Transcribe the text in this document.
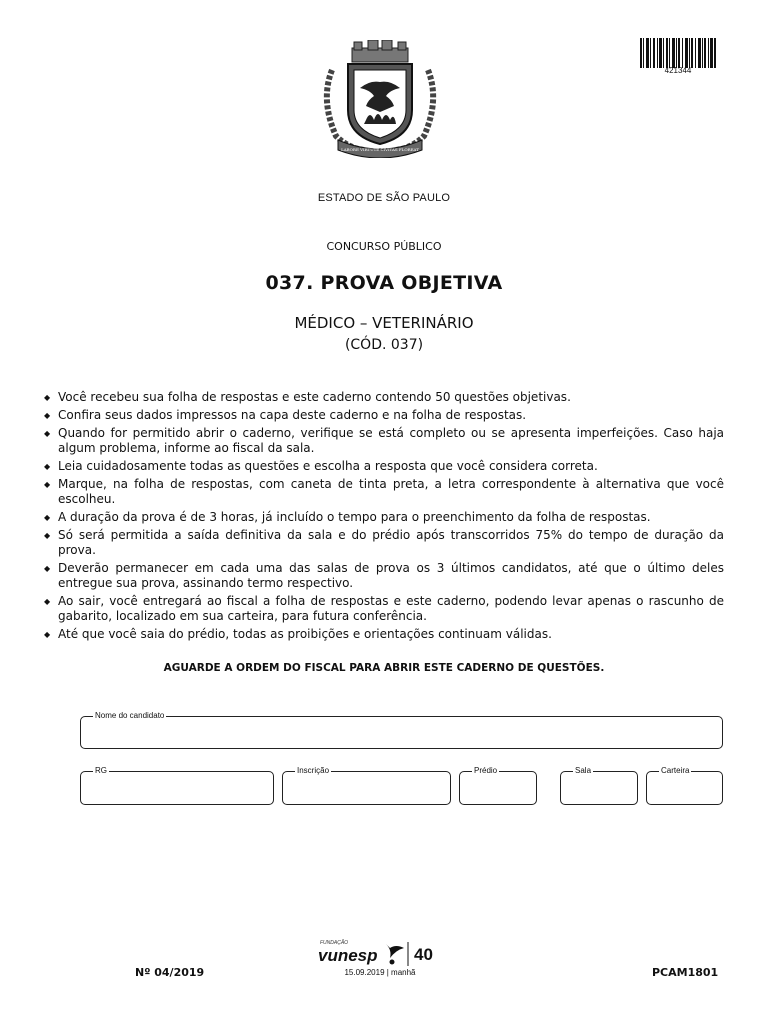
LABORE VIRTUTE CIVITAS FLOREAT
421344
ESTADO DE SÃO PAULO
CONCURSO PÚBLICO
037. PROVA OBJETIVA
MÉDICO – VETERINÁRIO
(CÓD. 037)
◆ Você recebeu sua folha de respostas e este caderno contendo 50 questões objetivas.
◆ Confira seus dados impressos na capa deste caderno e na folha de respostas.
◆ Quando for permitido abrir o caderno, verifique se está completo ou se apresenta imperfeições. Caso haja algum problema, informe ao fiscal da sala.
◆ Leia cuidadosamente todas as questões e escolha a resposta que você considera correta.
◆ Marque, na folha de respostas, com caneta de tinta preta, a letra correspondente à alternativa que você escolheu.
◆ A duração da prova é de 3 horas, já incluído o tempo para o preenchimento da folha de respostas.
◆ Só será permitida a saída definitiva da sala e do prédio após transcorridos 75% do tempo de duração da prova.
◆ Deverão permanecer em cada uma das salas de prova os 3 últimos candidatos, até que o último deles entregue sua prova, assinando termo respectivo.
◆ Ao sair, você entregará ao fiscal a folha de respostas e este caderno, podendo levar apenas o rascunho de gabarito, localizado em sua carteira, para futura conferência.
◆ Até que você saia do prédio, todas as proibições e orientações continuam válidas.
AGUARDE A ORDEM DO FISCAL PARA ABRIR ESTE CADERNO DE QUESTÕES.
Nome do candidato
RG	Inscrição	Prédio	Sala	Carteira
Nº 04/2019	PCAM1801
FUNDAÇÃO
vunesp 40
15.09.2019 | manhã
